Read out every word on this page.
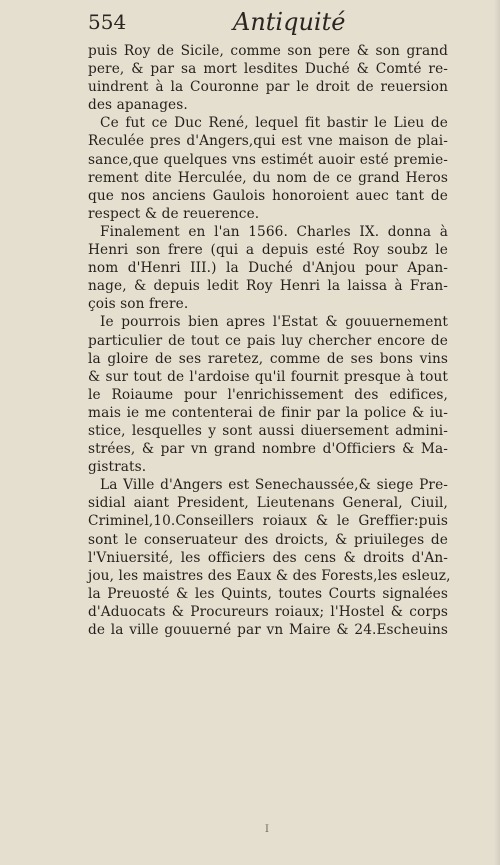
554	Antiquité
puis Roy de Sicile, comme son pere & son grand
pere, & par sa mort lesdites Duché & Comté re-
uindrent à la Couronne par le droit de reuersion
des apanages.
Ce fut ce Duc René, lequel fit bastir le Lieu de
Reculée pres d'Angers,qui est vne maison de plai-
sance,que quelques vns estimét auoir esté premie-
rement dite Herculée, du nom de ce grand Heros
que nos anciens Gaulois honoroient auec tant de
respect & de reuerence.
Finalement en l'an 1566. Charles IX. donna à
Henri son frere (qui a depuis esté Roy soubz le
nom d'Henri III.) la Duché d'Anjou pour Apan-
nage, & depuis ledit Roy Henri la laissa à Fran-
çois son frere.
Ie pourrois bien apres l'Estat & gouuernement
particulier de tout ce pais luy chercher encore de
la gloire de ses raretez, comme de ses bons vins
& sur tout de l'ardoise qu'il fournit presque à tout
le Roiaume pour l'enrichissement des edifices,
mais ie me contenterai de finir par la police & iu-
stice, lesquelles y sont aussi diuersement admini-
strées, & par vn grand nombre d'Officiers & Ma-
gistrats.
La Ville d'Angers est Senechaussée,& siege Pre-
sidial aiant President, Lieutenans General, Ciuil,
Criminel,10.Conseillers roiaux & le Greffier:puis
sont le conseruateur des droicts, & priuileges de
l'Vniuersité, les officiers des cens & droits d'An-
jou, les maistres des Eaux & des Forests,les esleuz,
la Preuosté & les Quints, toutes Courts signalées
d'Aduocats & Procureurs roiaux; l'Hostel & corps
de la ville gouuerné par vn Maire & 24.Escheuins
I
